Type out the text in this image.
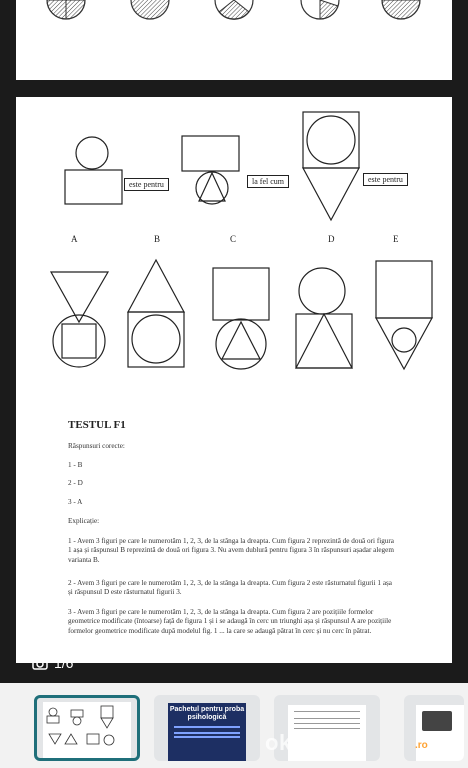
este pentru	la fel cum	este pentru
A	B	C	D	E
TESTUL F1
Răspunsuri corecte:
1 - B
2 - D
3 - A
Explicație:
1 - Avem 3 figuri pe care le numerotăm 1, 2, 3, de la stânga la dreapta. Cum figura 2 reprezintă de două ori figura 1 așa și răspunsul B reprezintă de două ori figura 3. Nu avem dublură pentru figura 3 în răspunsuri așadar alegem varianta B.
2 - Avem 3 figuri pe care le numerotăm 1, 2, 3, de la stânga la dreapta. Cum figura 2 este răsturnatul figurii 1 așa și răspunsul D este răsturnatul figurii 3.
3 - Avem 3 figuri pe care le numerotăm 1, 2, 3, de la stânga la dreapta. Cum figura 2 are pozițiile formelor geometrice modificate (întoarse) față de figura 1 și i se adaugă în cerc un triunghi așa și răspunsul A are pozițiile formelor geometrice modificate după modelul fig. 1 ... la care se adaugă pătrat în cerc și nu cerc în pătrat.
1/6
Pachetul pentru proba psihologică
okazii	.ro
